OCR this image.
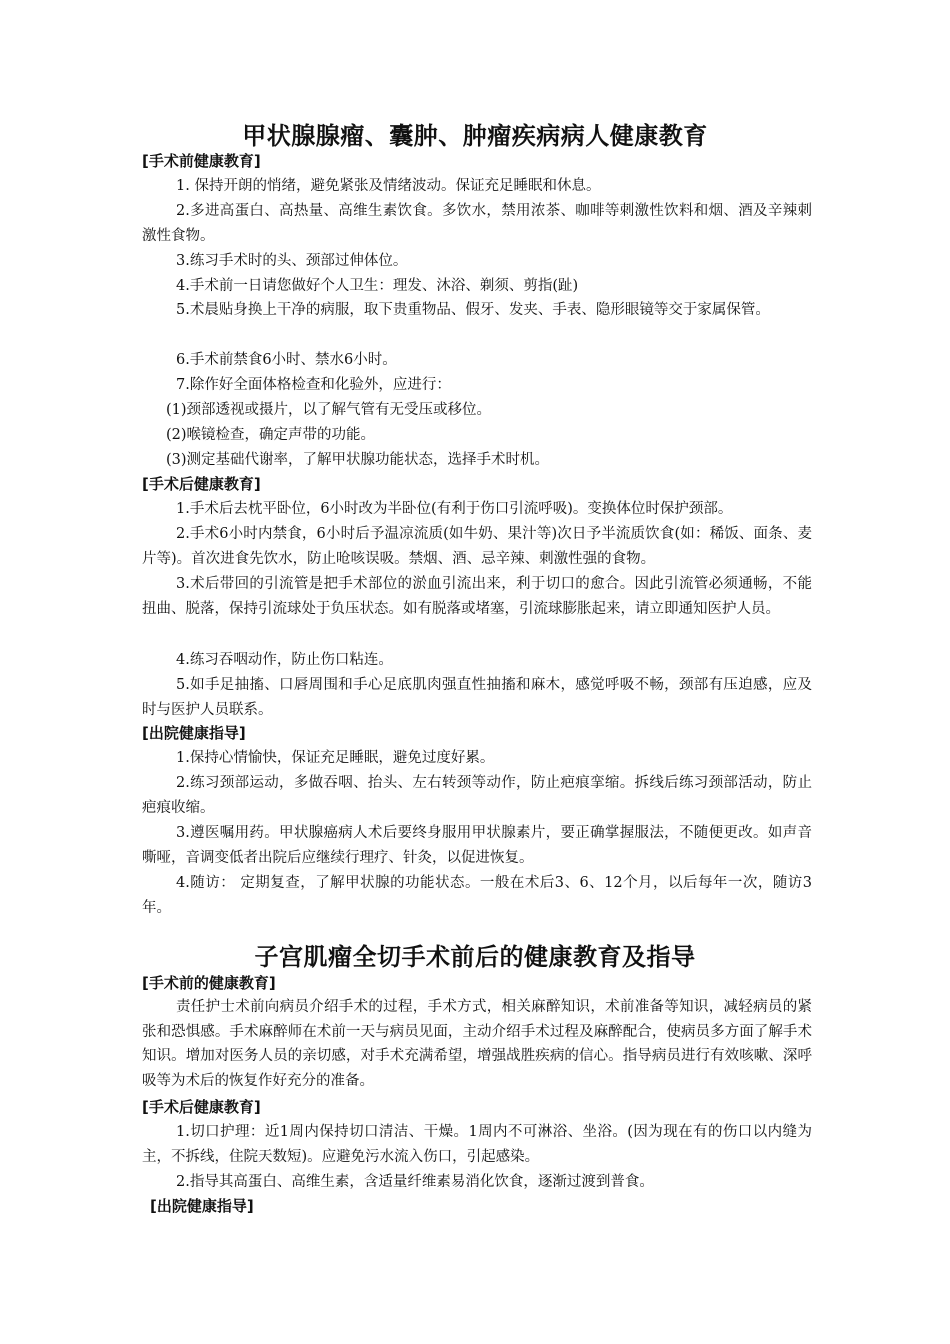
甲状腺腺瘤、囊肿、肿瘤疾病病人健康教育
[手术前健康教育]

1. 保持开朗的悄绪，避免紧张及情绪波动。保证充足睡眠和休息。

2.多进高蛋白、高热量、高维生素饮食。多饮水，禁用浓茶、咖啡等刺激性饮料和烟、酒及辛辣刺激性食物。

3.练习手术时的头、颈部过伸体位。

4.手术前一日请您做好个人卫生：理发、沐浴、剃须、剪指(趾)

5.术晨贴身换上干净的病服，取下贵重物品、假牙、发夹、手表、隐形眼镜等交于家属保管。

6.手术前禁食6小时、禁水6小时。

7.除作好全面体格检查和化验外，应进行：

(1)颈部透视或摄片，以了解气管有无受压或移位。

(2)喉镜检查，确定声带的功能。

(3)测定基础代谢率，了解甲状腺功能状态，选择手术时机。

[手术后健康教育]

1.手术后去枕平卧位，6小时改为半卧位(有利于伤口引流呼吸)。变换体位时保护颈部。

2.手术6小时内禁食，6小时后予温凉流质(如牛奶、果汁等)次日予半流质饮食(如：稀饭、面条、麦片等)。首次进食先饮水，防止呛咳误吸。禁烟、酒、忌辛辣、刺激性强的食物。

3.术后带回的引流管是把手术部位的淤血引流出来，利于切口的愈合。因此引流管必须通畅，不能扭曲、脱落，保持引流球处于负压状态。如有脱落或堵塞，引流球膨胀起来，请立即通知医护人员。

4.练习吞咽动作，防止伤口粘连。

5.如手足抽搐、口唇周围和手心足底肌肉强直性抽搐和麻木，感觉呼吸不畅，颈部有压迫感，应及时与医护人员联系。

[出院健康指导]

1.保持心情愉快，保证充足睡眠，避免过度好累。

2.练习颈部运动，多做吞咽、抬头、左右转颈等动作，防止疤痕挛缩。拆线后练习颈部活动，防止疤痕收缩。

3.遵医嘱用药。甲状腺癌病人术后要终身服用甲状腺素片，要正确掌握服法，不随便更改。如声音嘶哑，音调变低者出院后应继续行理疗、针灸，以促进恢复。

4.随访： 定期复查，了解甲状腺的功能状态。一般在术后3、6、12个月，以后每年一次，随访3年。

子宫肌瘤全切手术前后的健康教育及指导
[手术前的健康教育]

责任护士术前向病员介绍手术的过程，手术方式，相关麻醉知识，术前准备等知识，减轻病员的紧张和恐惧感。手术麻醉师在术前一天与病员见面，主动介绍手术过程及麻醉配合，使病员多方面了解手术知识。增加对医务人员的亲切感，对手术充满希望，增强战胜疾病的信心。指导病员进行有效咳嗽、深呼吸等为术后的恢复作好充分的准备。

[手术后健康教育]

1.切口护理：近1周内保持切口清洁、干燥。1周内不可淋浴、坐浴。(因为现在有的伤口以内缝为主，不拆线，住院天数短)。应避免污水流入伤口，引起感染。

2.指导其高蛋白、高维生素，含适量纤维素易消化饮食，逐渐过渡到普食。

[出院健康指导]
